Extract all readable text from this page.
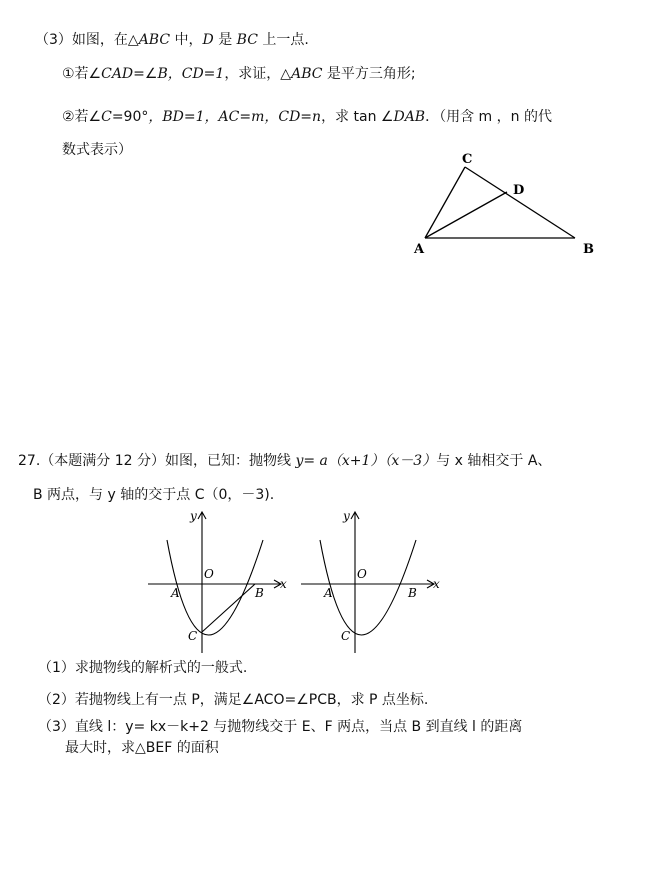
（3）如图，在△ABC 中，D 是 BC 上一点.
①若∠CAD=∠B，CD=1，求证，△ABC 是平方三角形;
②若∠C=90°，BD=1，AC=m，CD=n，求 tan ∠DAB．（用含 m ，n 的代
数式表示）
C
D
A	B
27.（本题满分 12 分）如图，已知：抛物线 y= a（x+1）（x－3）与 x 轴相交于 A、
B 两点，与 y 轴的交于点 C（0，－3).
y
x
O
A	B
C
y
x
O
A	B
C
（1）求抛物线的解析式的一般式.
（2）若抛物线上有一点 P，满足∠ACO=∠PCB，求 P 点坐标.
（3）直线 l：y= kx－k+2 与抛物线交于 E、F 两点，当点 B 到直线 l 的距离
最大时，求△BEF 的面积
